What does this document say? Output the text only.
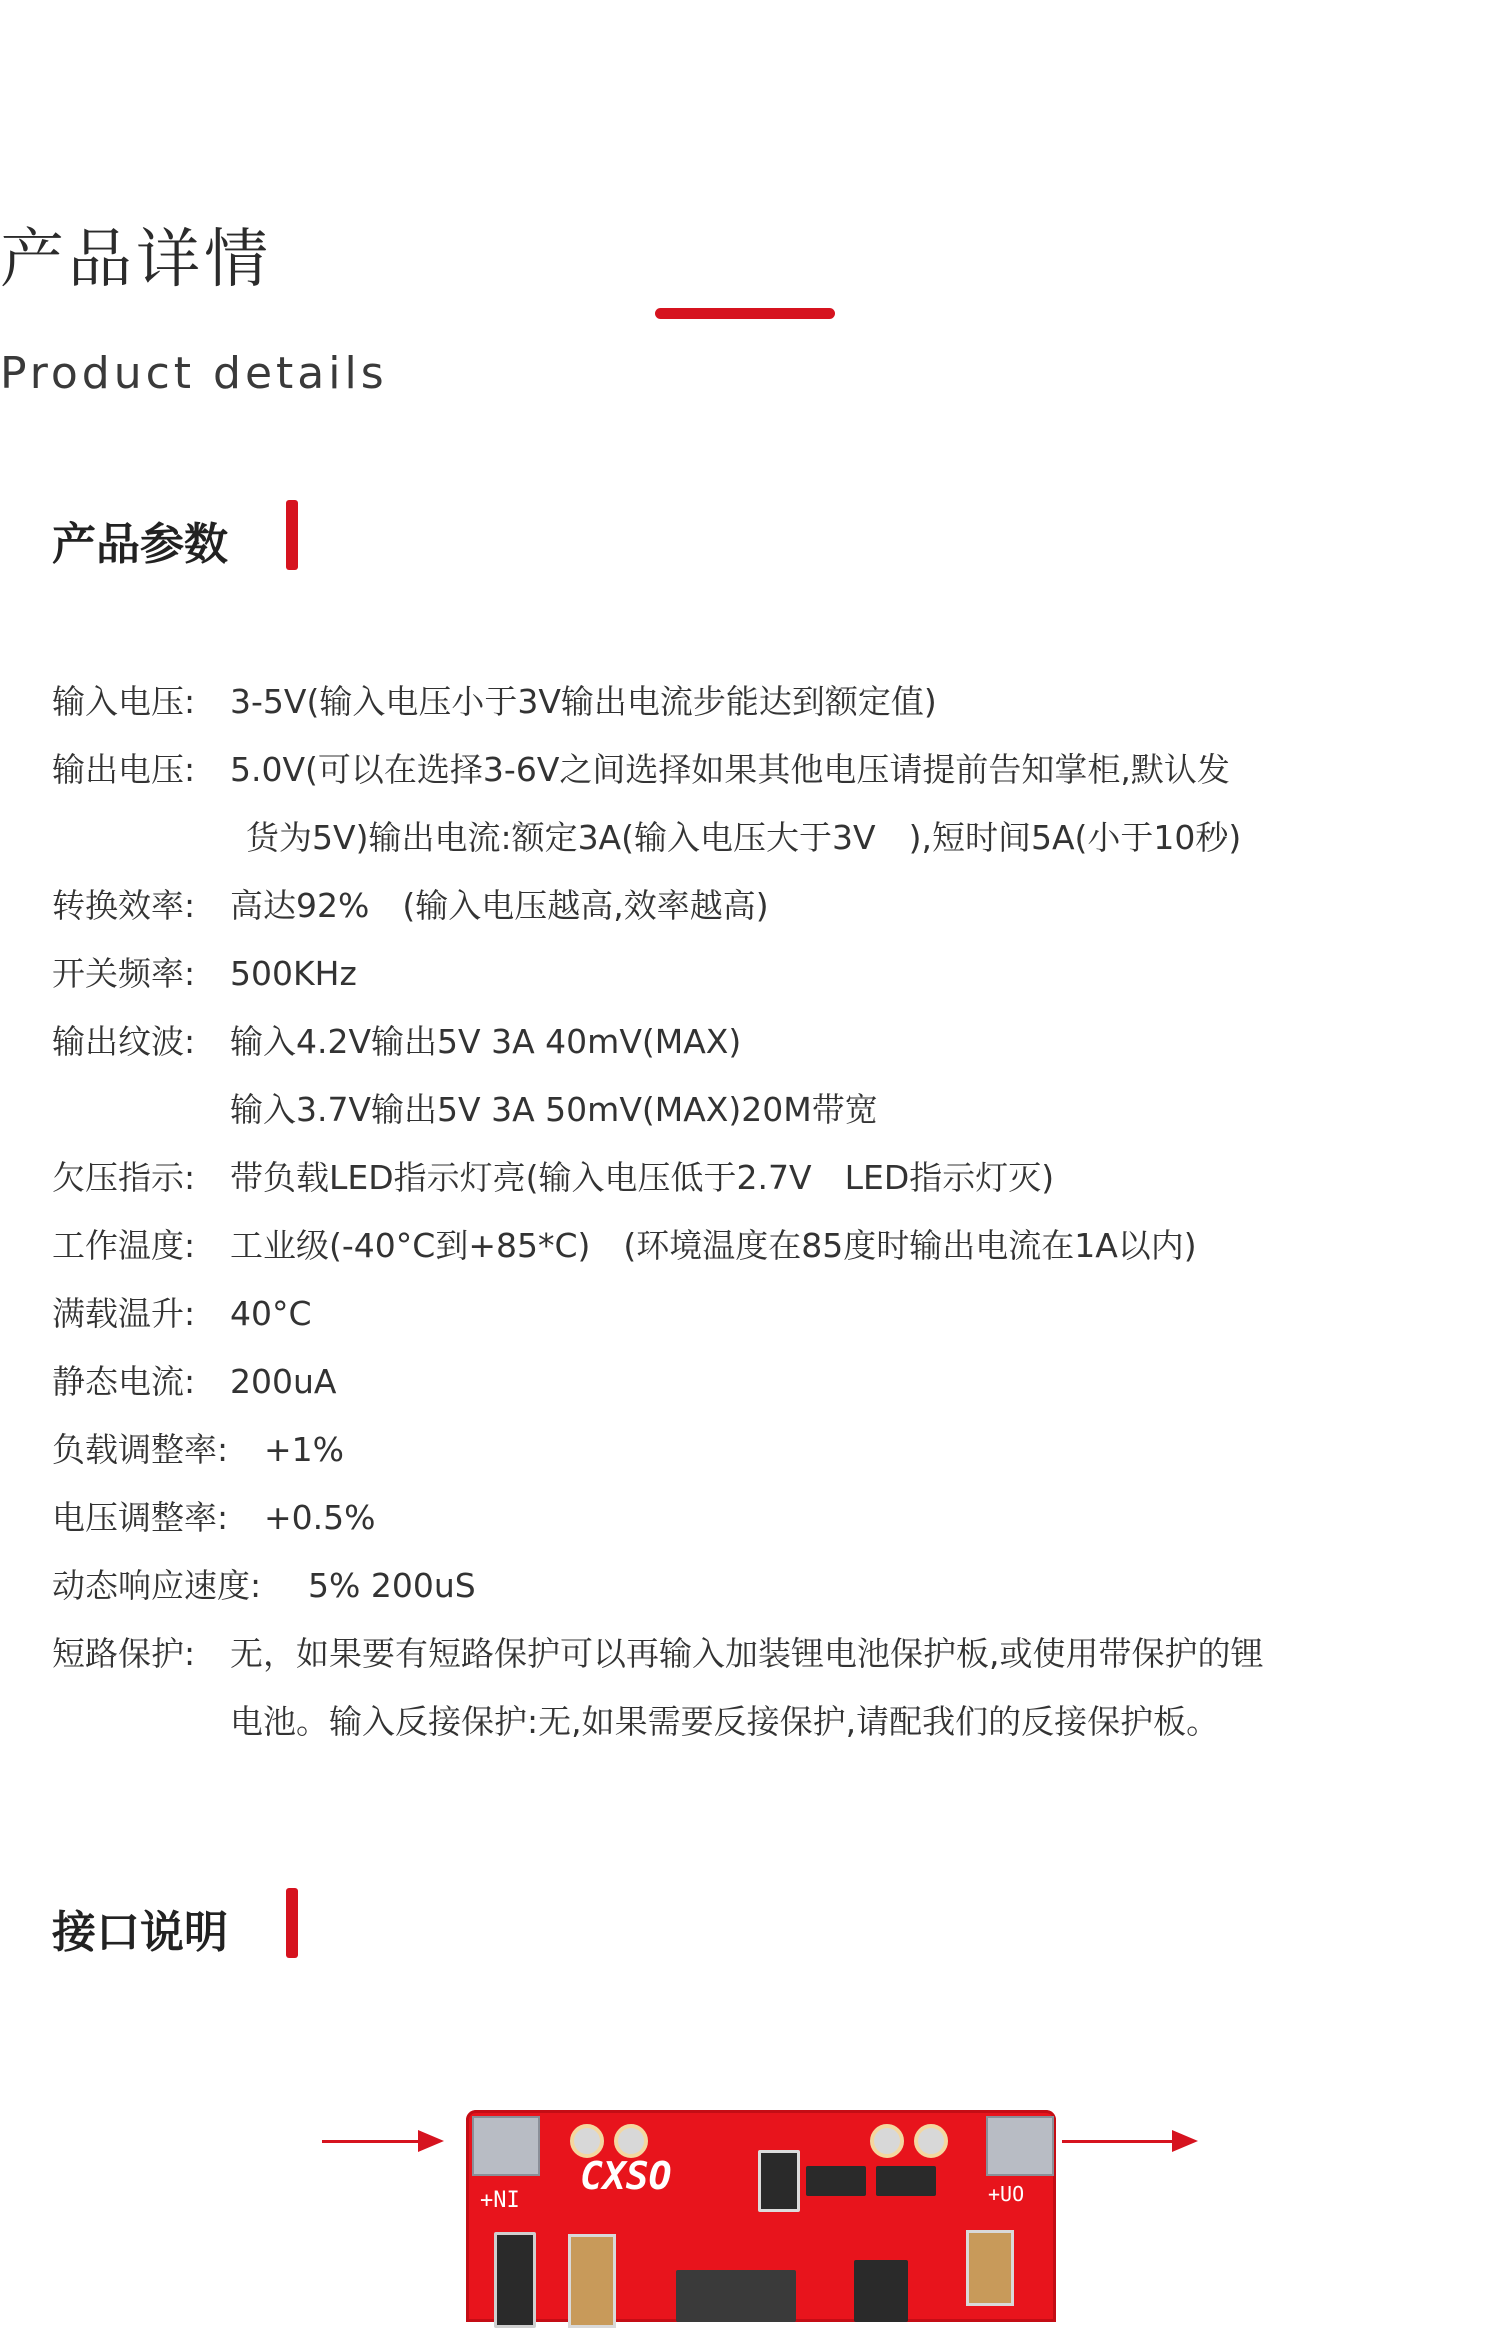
产品详情
Product details
产品参数
输入电压: 3-5V(输入电压小于3V输出电流步能达到额定值)
输出电压: 5.0V(可以在选择3-6V之间选择如果其他电压请提前告知掌柜,默认发
货为5V)输出电流:额定3A(输入电压大于3V　),短时间5A(小于10秒)
转换效率: 高达92%　(输入电压越高,效率越高)
开关频率: 500KHz
输出纹波: 输入4.2V输出5V 3A 40mV(MAX)
输入3.7V输出5V 3A 50mV(MAX)20M带宽
欠压指示: 带负载LED指示灯亮(输入电压低于2.7V　LED指示灯灭)
工作温度: 工业级(-40°C到+85*C)　(环境温度在85度时输出电流在1A以内)
满载温升: 40°C
静态电流: 200uA
负载调整率: +1%
电压调整率: +0.5%
动态响应速度: 5% 200uS
短路保护: 无，如果要有短路保护可以再输入加装锂电池保护板,或使用带保护的锂
电池。输入反接保护:无,如果需要反接保护,请配我们的反接保护板。
接口说明
CXSO
+NI	+UO
